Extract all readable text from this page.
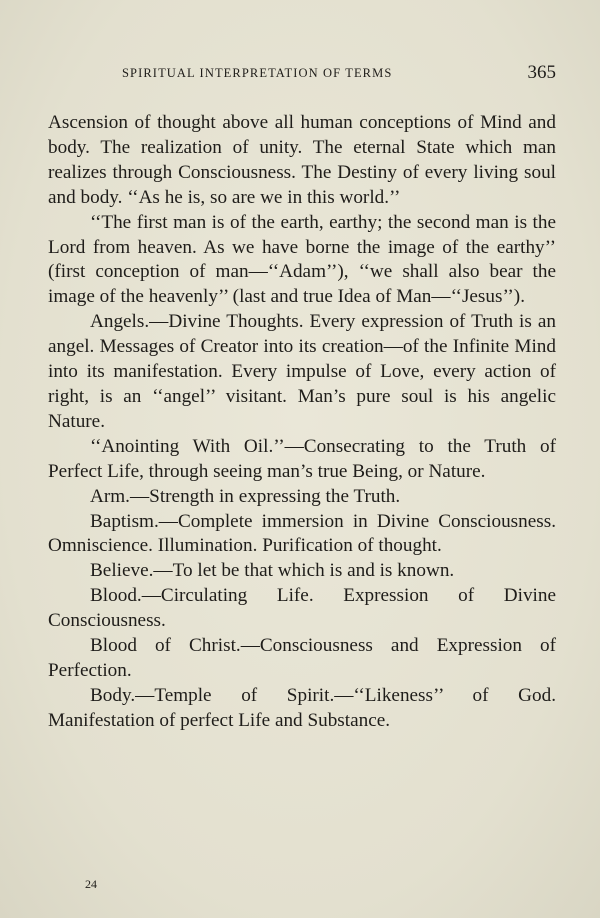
SPIRITUAL INTERPRETATION OF TERMS	365

Ascension of thought above all human conceptions of Mind and body. The realization of unity. The eternal State which man realizes through Consciousness. The Destiny of every living soul and body. ‘‘As he is, so are we in this world.’’

‘‘The first man is of the earth, earthy; the second man is the Lord from heaven. As we have borne the image of the earthy’’ (first conception of man—‘‘Adam’’), ‘‘we shall also bear the image of the heavenly’’ (last and true Idea of Man—‘‘Jesus’’).

Angels.—Divine Thoughts. Every expression of Truth is an angel. Messages of Creator into its creation—of the Infinite Mind into its manifestation. Every impulse of Love, every action of right, is an ‘‘angel’’ visitant. Man’s pure soul is his angelic Nature.

‘‘Anointing With Oil.’’—Consecrating to the Truth of Perfect Life, through seeing man’s true Being, or Nature.

Arm.—Strength in expressing the Truth.

Baptism.—Complete immersion in Divine Consciousness. Omniscience. Illumination. Purification of thought.

Believe.—To let be that which is and is known.

Blood.—Circulating Life. Expression of Divine Consciousness.

Blood of Christ.—Consciousness and Expression of Perfection.

Body.—Temple of Spirit.—‘‘Likeness’’ of God. Manifestation of perfect Life and Substance.

24
